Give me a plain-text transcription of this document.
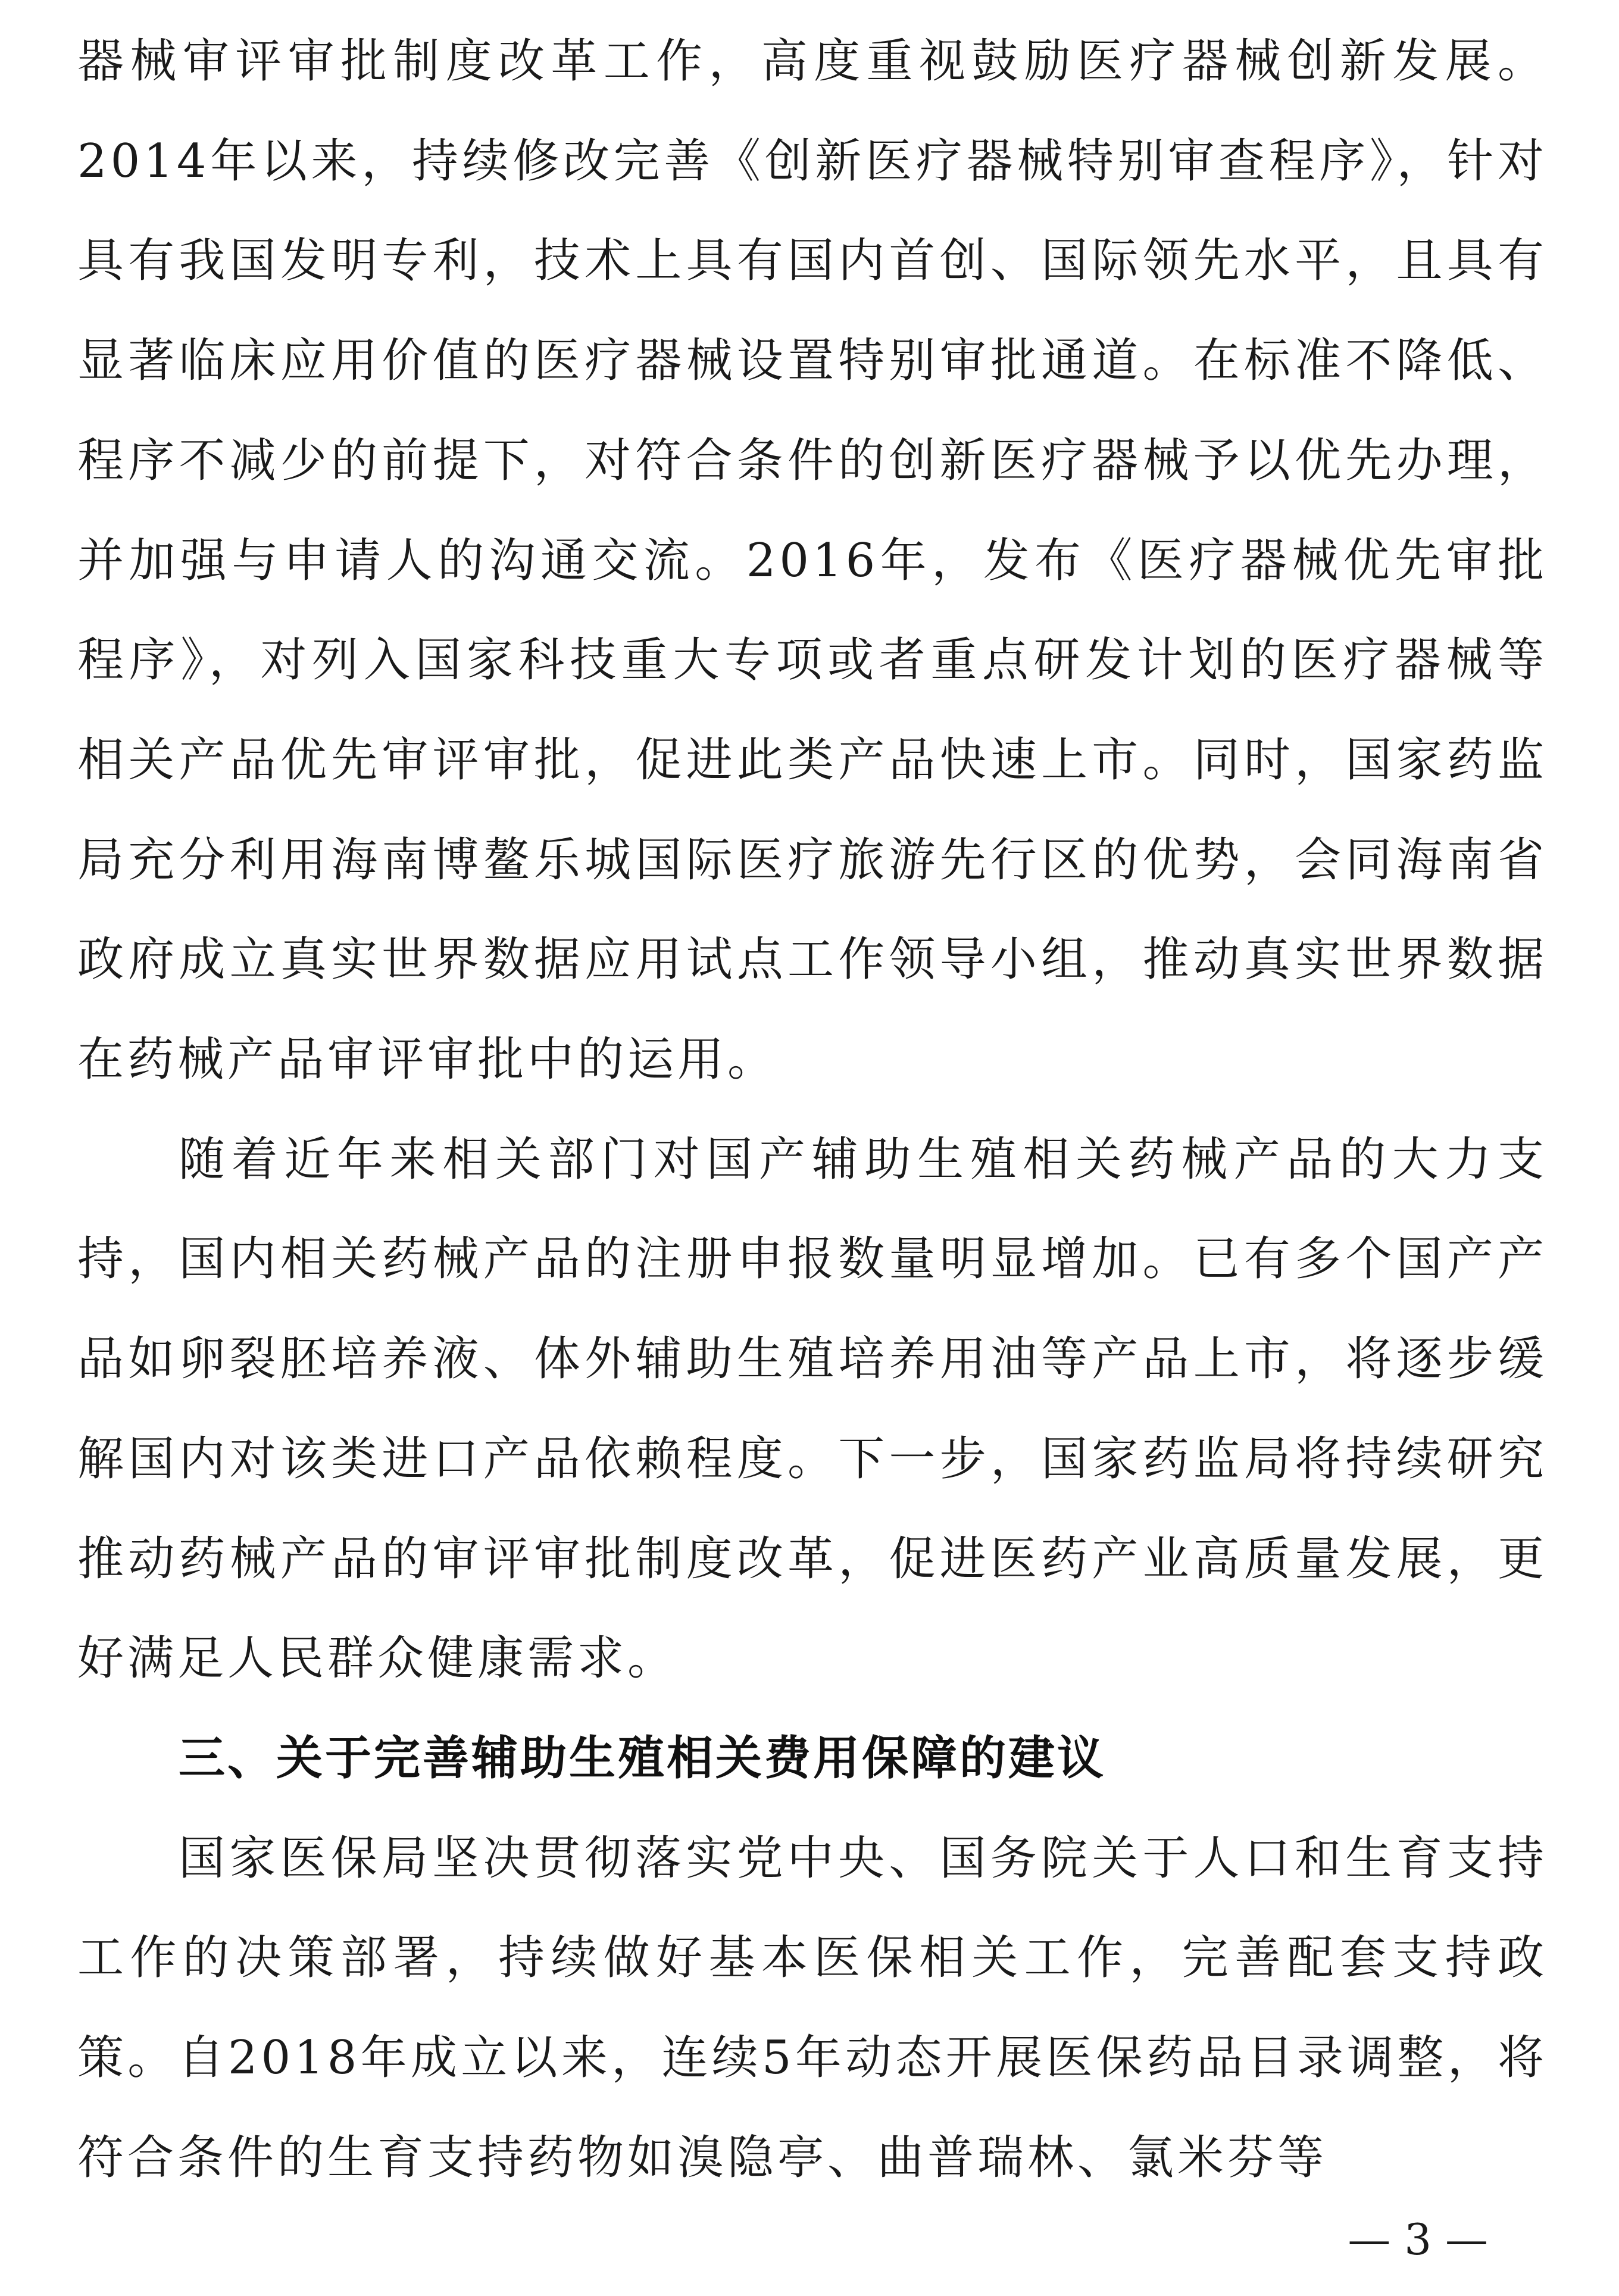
器械审评审批制度改革工作，高度重视鼓励医疗器械创新发展。2014年以来，持续修改完善《创新医疗器械特别审查程序》，针对具有我国发明专利，技术上具有国内首创、国际领先水平，且具有显著临床应用价值的医疗器械设置特别审批通道。在标准不降低、程序不减少的前提下，对符合条件的创新医疗器械予以优先办理，并加强与申请人的沟通交流。2016年，发布《医疗器械优先审批程序》，对列入国家科技重大专项或者重点研发计划的医疗器械等相关产品优先审评审批，促进此类产品快速上市。同时，国家药监局充分利用海南博鳌乐城国际医疗旅游先行区的优势，会同海南省政府成立真实世界数据应用试点工作领导小组，推动真实世界数据在药械产品审评审批中的运用。

随着近年来相关部门对国产辅助生殖相关药械产品的大力支持，国内相关药械产品的注册申报数量明显增加。已有多个国产产品如卵裂胚培养液、体外辅助生殖培养用油等产品上市，将逐步缓解国内对该类进口产品依赖程度。下一步，国家药监局将持续研究推动药械产品的审评审批制度改革，促进医药产业高质量发展，更好满足人民群众健康需求。

三、关于完善辅助生殖相关费用保障的建议

国家医保局坚决贯彻落实党中央、国务院关于人口和生育支持工作的决策部署，持续做好基本医保相关工作，完善配套支持政策。自2018年成立以来，连续5年动态开展医保药品目录调整，将符合条件的生育支持药物如溴隐亭、曲普瑞林、氯米芬等

— 3 —
